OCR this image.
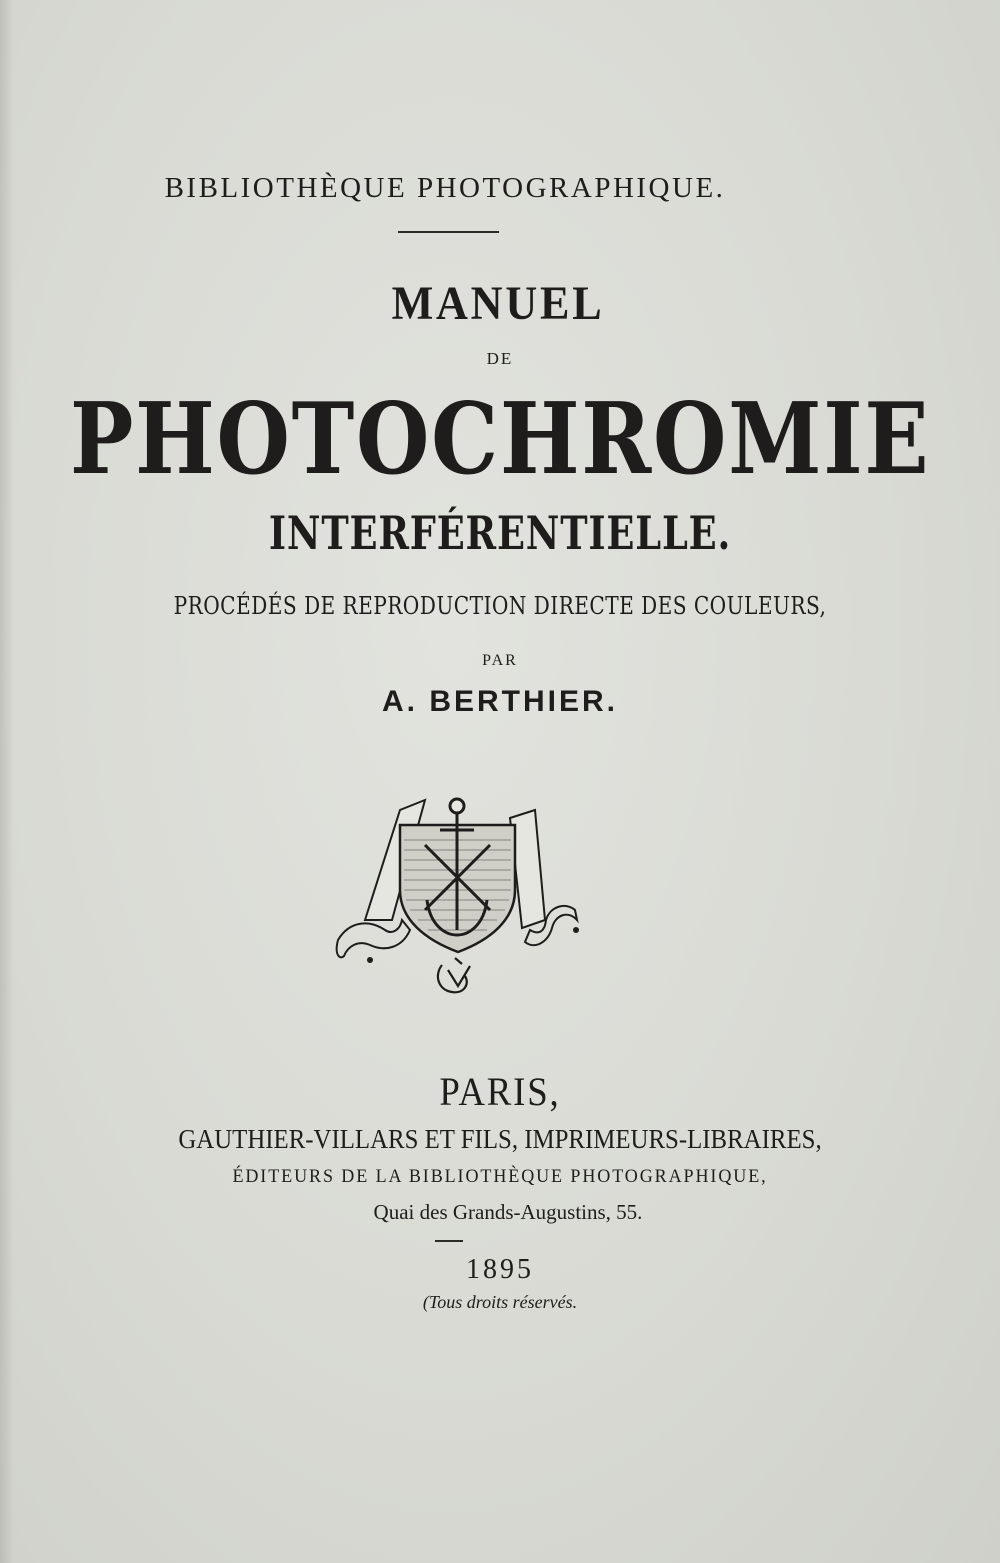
BIBLIOTHÈQUE PHOTOGRAPHIQUE.
MANUEL
DE
PHOTOCHROMIE
INTERFÉRENTIELLE.
PROCÉDÉS DE REPRODUCTION DIRECTE DES COULEURS,
PAR
A. BERTHIER.
PARIS,
GAUTHIER-VILLARS ET FILS, IMPRIMEURS-LIBRAIRES,
ÉDITEURS DE LA BIBLIOTHÈQUE PHOTOGRAPHIQUE,
Quai des Grands-Augustins, 55.
1895
(Tous droits réservés.
